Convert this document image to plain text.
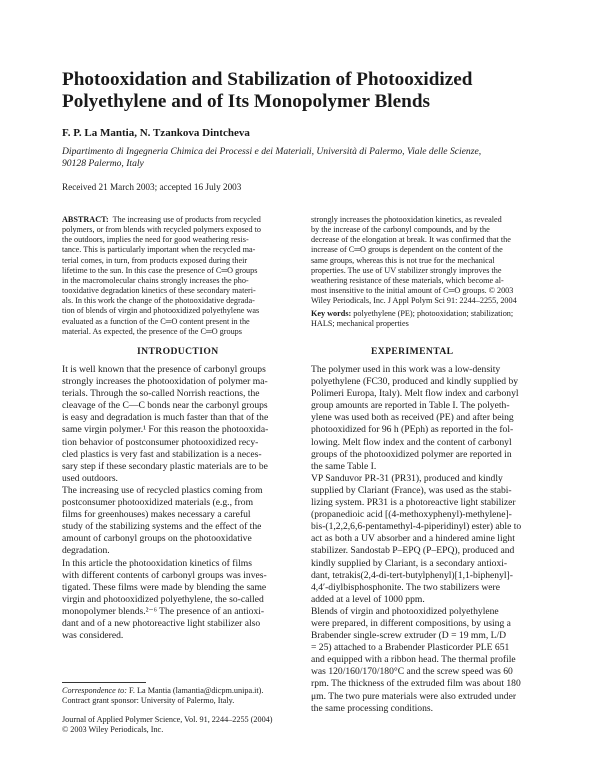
Photooxidation and Stabilization of Photooxidized
Polyethylene and of Its Monopolymer Blends
F. P. La Mantia, N. Tzankova Dintcheva
Dipartimento di Ingegneria Chimica dei Processi e dei Materiali, Università di Palermo, Viale delle Scienze,
90128 Palermo, Italy
Received 21 March 2003; accepted 16 July 2003
ABSTRACT: The increasing use of products from recycled
polymers, or from blends with recycled polymers exposed to
the outdoors, implies the need for good weathering resis-
tance. This is particularly important when the recycled ma-
terial comes, in turn, from products exposed during their
lifetime to the sun. In this case the presence of C═O groups
in the macromolecular chains strongly increases the pho-
tooxidative degradation kinetics of these secondary materi-
als. In this work the change of the photooxidative degrada-
tion of blends of virgin and photooxidized polyethylene was
evaluated as a function of the C═O content present in the
material. As expected, the presence of the C═O groups
strongly increases the photooxidation kinetics, as revealed
by the increase of the carbonyl compounds, and by the
decrease of the elongation at break. It was confirmed that the
increase of C═O groups is dependent on the content of the
same groups, whereas this is not true for the mechanical
properties. The use of UV stabilizer strongly improves the
weathering resistance of these materials, which become al-
most insensitive to the initial amount of C═O groups. © 2003
Wiley Periodicals, Inc. J Appl Polym Sci 91: 2244–2255, 2004
Key words: polyethylene (PE); photooxidation; stabilization;
HALS; mechanical properties
INTRODUCTION	EXPERIMENTAL
It is well known that the presence of carbonyl groups
strongly increases the photooxidation of polymer ma-
terials. Through the so-called Norrish reactions, the
cleavage of the C—C bonds near the carbonyl groups
is easy and degradation is much faster than that of the
same virgin polymer.¹ For this reason the photooxida-
tion behavior of postconsumer photooxidized recy-
cled plastics is very fast and stabilization is a neces-
sary step if these secondary plastic materials are to be
used outdoors.
The increasing use of recycled plastics coming from
postconsumer photooxidized materials (e.g., from
films for greenhouses) makes necessary a careful
study of the stabilizing systems and the effect of the
amount of carbonyl groups on the photooxidative
degradation.
In this article the photooxidation kinetics of films
with different contents of carbonyl groups was inves-
tigated. These films were made by blending the same
virgin and photooxidized polyethylene, the so-called
monopolymer blends.²⁻⁶ The presence of an antioxi-
dant and of a new photoreactive light stabilizer also
was considered.
The polymer used in this work was a low-density
polyethylene (FC30, produced and kindly supplied by
Polimeri Europa, Italy). Melt flow index and carbonyl
group amounts are reported in Table I. The polyeth-
ylene was used both as received (PE) and after being
photooxidized for 96 h (PEph) as reported in the fol-
lowing. Melt flow index and the content of carbonyl
groups of the photooxidized polymer are reported in
the same Table I.
VP Sanduvor PR-31 (PR31), produced and kindly
supplied by Clariant (France), was used as the stabi-
lizing system. PR31 is a photoreactive light stabilizer
(propanedioic acid [(4-methoxyphenyl)-methylene]-
bis-(1,2,2,6,6-pentamethyl-4-piperidinyl) ester) able to
act as both a UV absorber and a hindered amine light
stabilizer. Sandostab P–EPQ (P–EPQ), produced and
kindly supplied by Clariant, is a secondary antioxi-
dant, tetrakis(2,4-di-tert-butylphenyl)[1,1-biphenyl]-
4,4′-diylbisphosphonite. The two stabilizers were
added at a level of 1000 ppm.
Blends of virgin and photooxidized polyethylene
were prepared, in different compositions, by using a
Brabender single-screw extruder (D = 19 mm, L/D
= 25) attached to a Brabender Plasticorder PLE 651
and equipped with a ribbon head. The thermal profile
was 120/160/170/180°C and the screw speed was 60
rpm. The thickness of the extruded film was about 180
μm. The two pure materials were also extruded under
the same processing conditions.
Correspondence to: F. La Mantia (lamantia@dicpm.unipa.it).
Contract grant sponsor: University of Palermo, Italy.
Journal of Applied Polymer Science, Vol. 91, 2244–2255 (2004)
© 2003 Wiley Periodicals, Inc.
